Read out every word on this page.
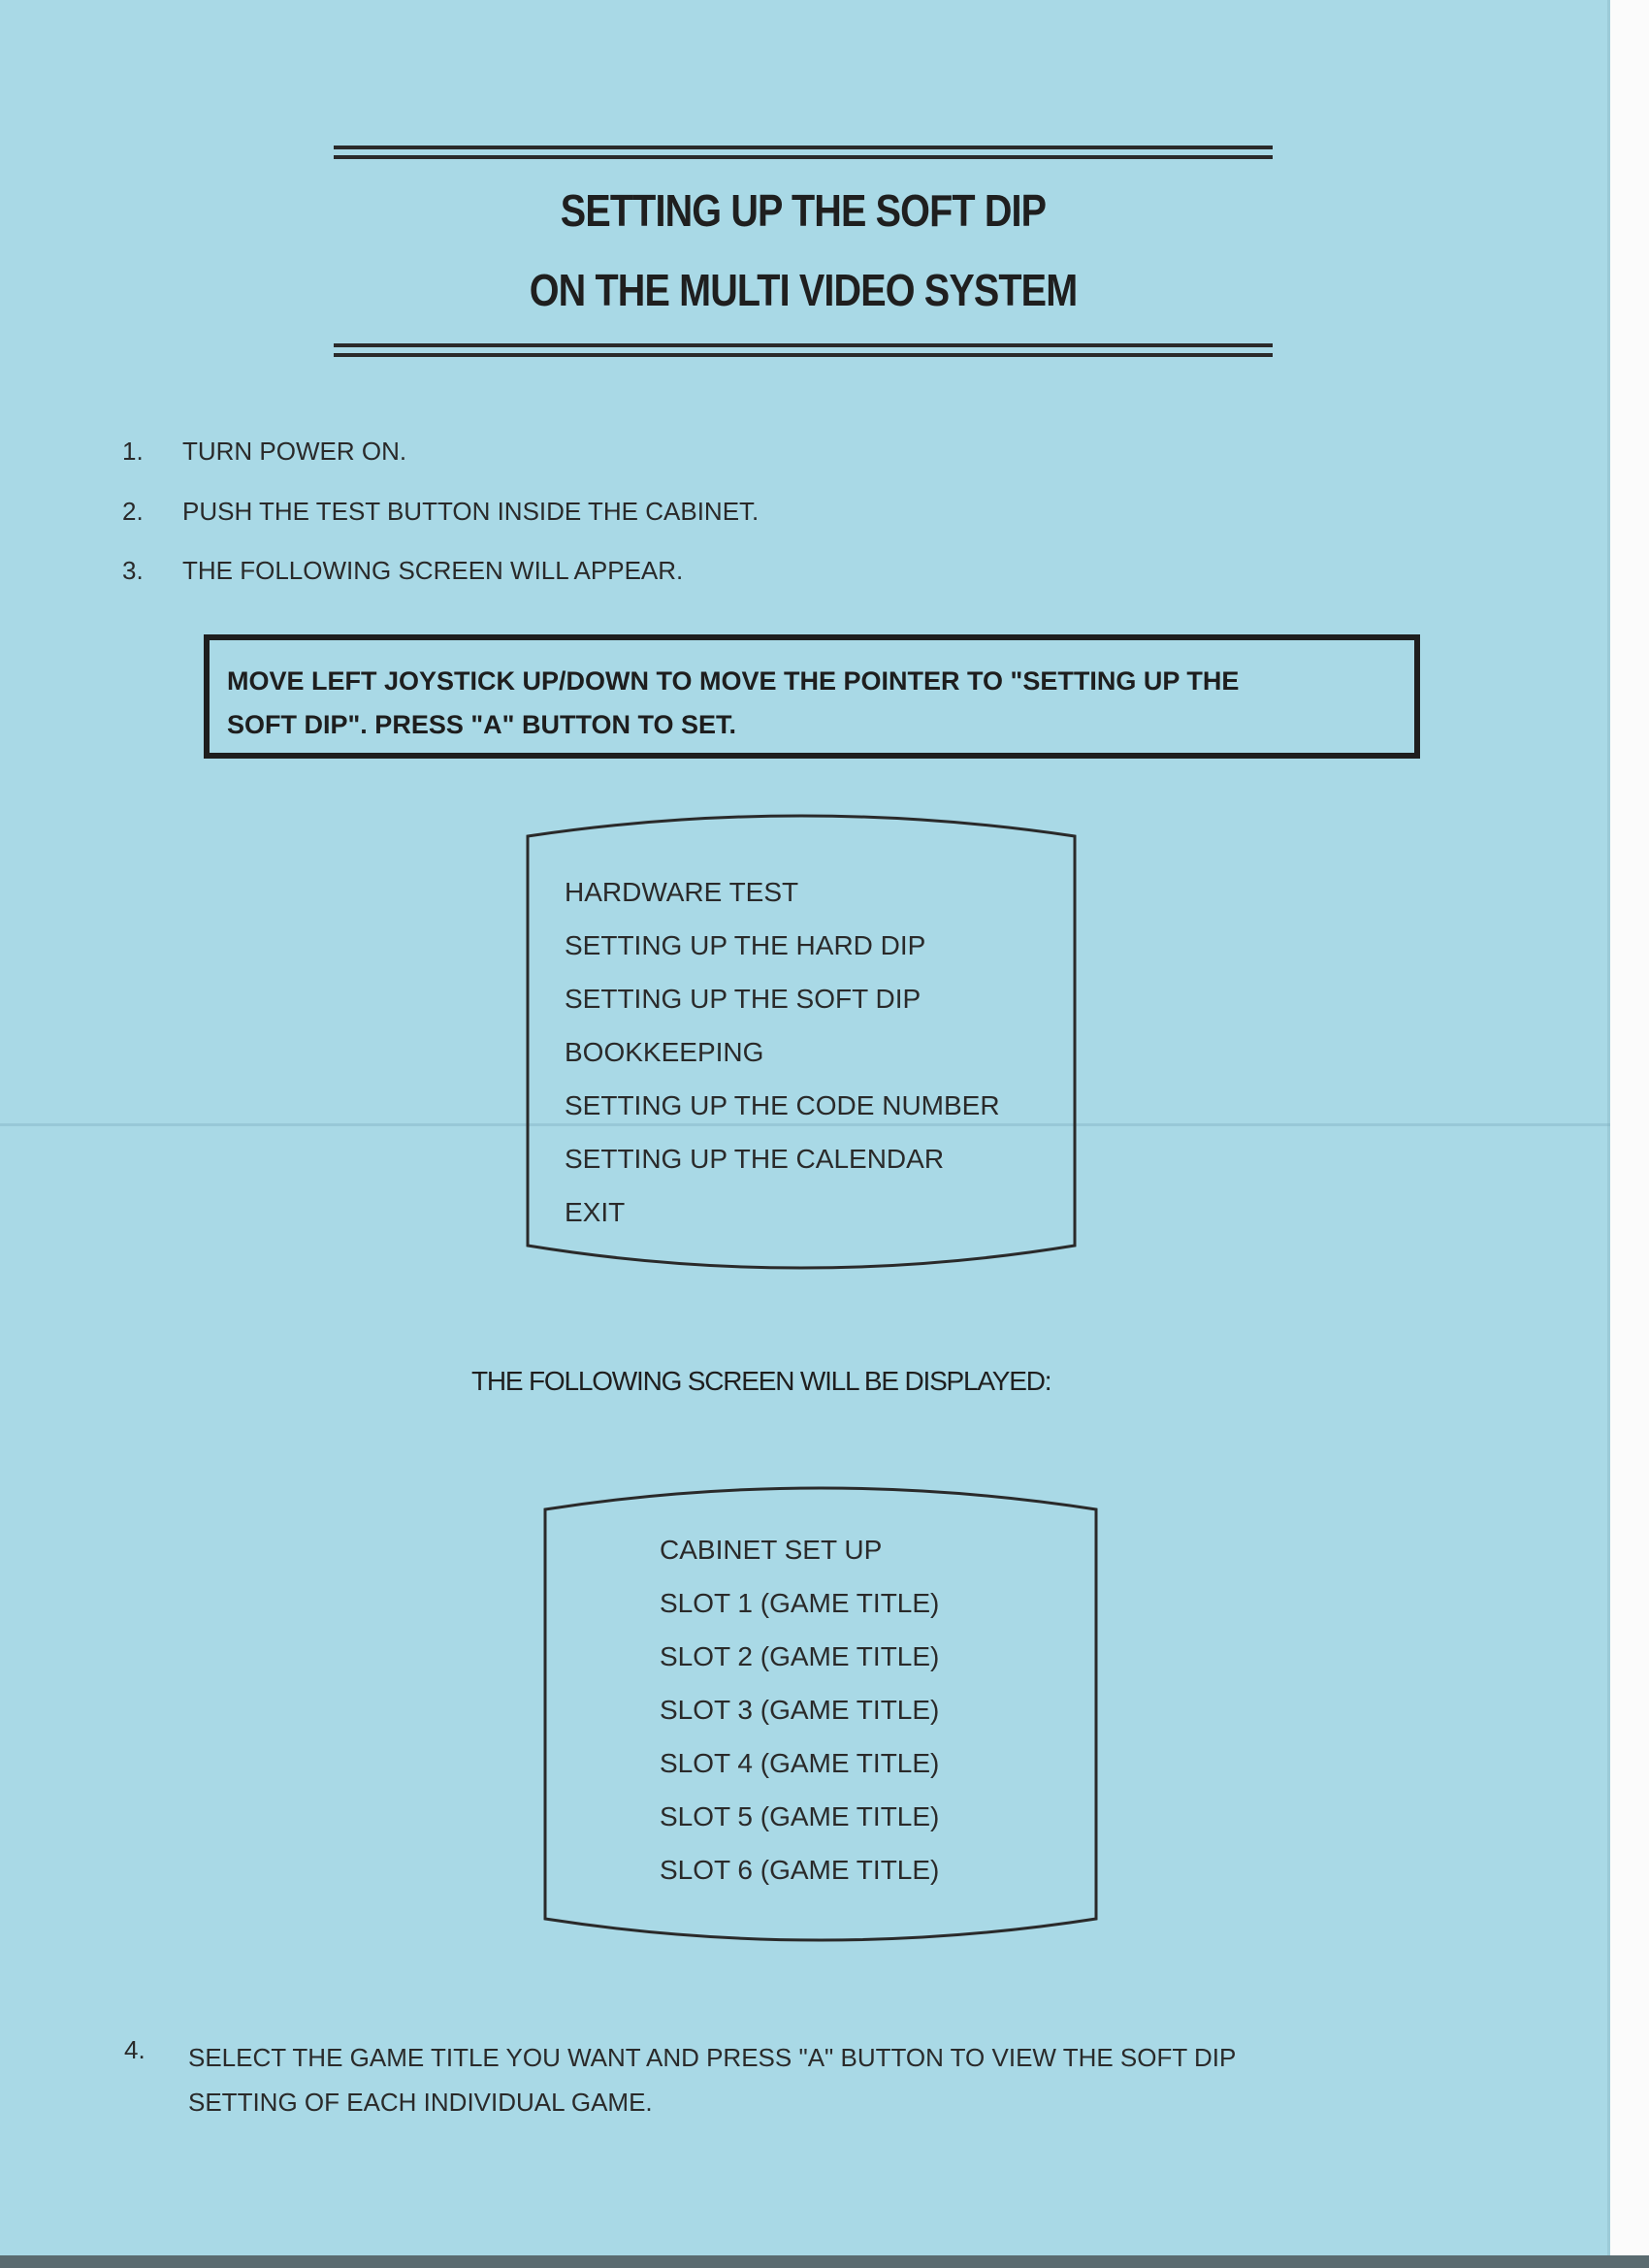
SETTING UP THE SOFT DIP
ON THE MULTI VIDEO SYSTEM
1. TURN POWER ON.
2. PUSH THE TEST BUTTON INSIDE THE CABINET.
3. THE FOLLOWING SCREEN WILL APPEAR.
MOVE LEFT JOYSTICK UP/DOWN TO MOVE THE POINTER TO "SETTING UP THE
SOFT DIP". PRESS "A" BUTTON TO SET.
HARDWARE TEST
SETTING UP THE HARD DIP
SETTING UP THE SOFT DIP
BOOKKEEPING
SETTING UP THE CODE NUMBER
SETTING UP THE CALENDAR
EXIT
THE FOLLOWING SCREEN WILL BE DISPLAYED:
CABINET SET UP
SLOT 1 (GAME TITLE)
SLOT 2 (GAME TITLE)
SLOT 3 (GAME TITLE)
SLOT 4 (GAME TITLE)
SLOT 5 (GAME TITLE)
SLOT 6 (GAME TITLE)
4. SELECT THE GAME TITLE YOU WANT AND PRESS "A" BUTTON TO VIEW THE SOFT DIP
SETTING OF EACH INDIVIDUAL GAME.
